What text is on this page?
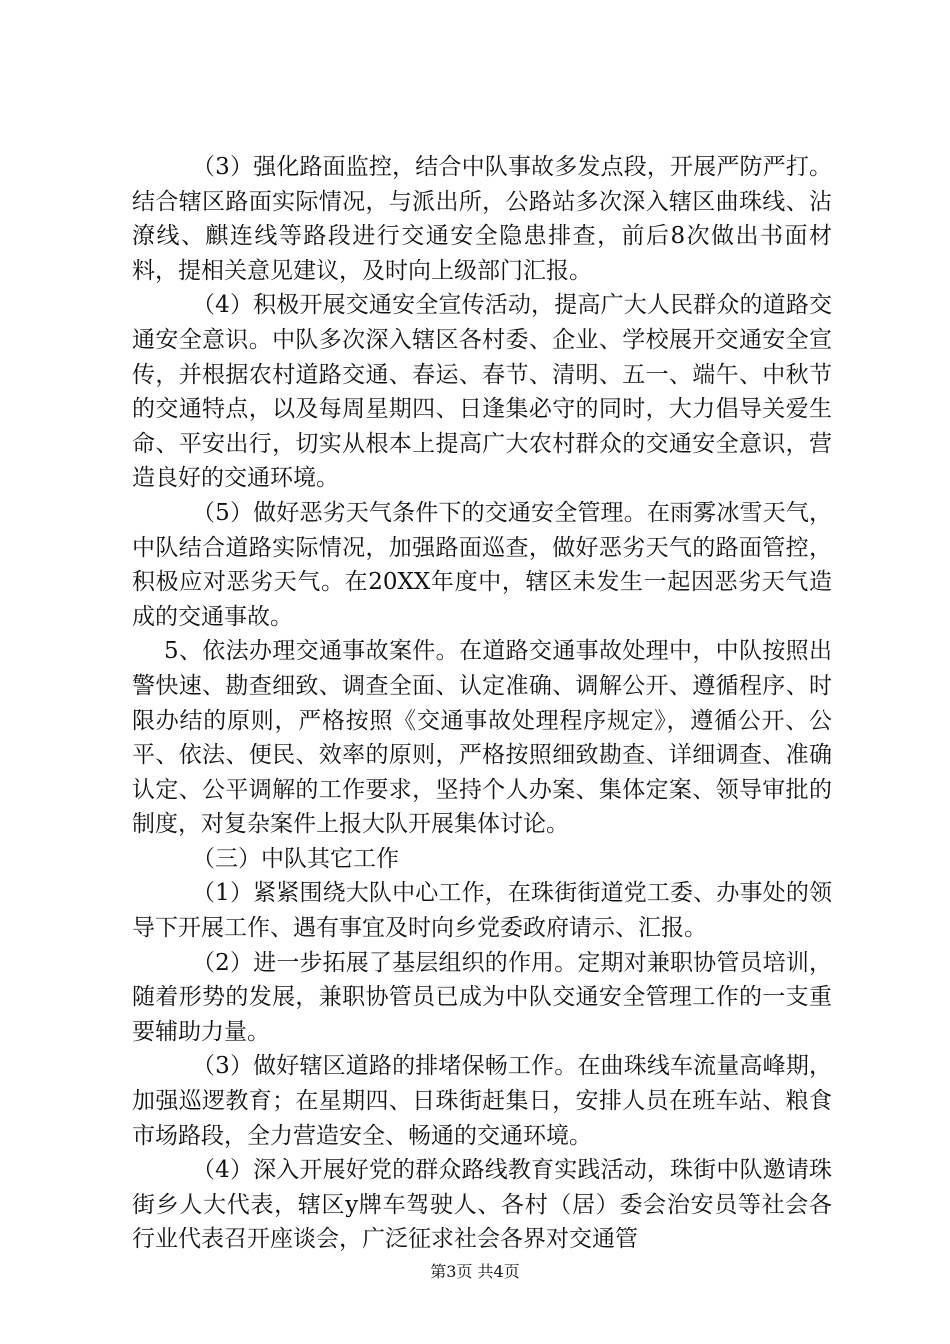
（3）强化路面监控，结合中队事故多发点段，开展严防严打。结合辖区路面实际情况，与派出所，公路站多次深入辖区曲珠线、沾潦线、麒连线等路段进行交通安全隐患排查，前后8次做出书面材料，提相关意见建议，及时向上级部门汇报。

（4）积极开展交通安全宣传活动，提高广大人民群众的道路交通安全意识。中队多次深入辖区各村委、企业、学校展开交通安全宣传，并根据农村道路交通、春运、春节、清明、五一、端午、中秋节的交通特点，以及每周星期四、日逢集必守的同时，大力倡导关爱生命、平安出行，切实从根本上提高广大农村群众的交通安全意识，营造良好的交通环境。

（5）做好恶劣天气条件下的交通安全管理。在雨雾冰雪天气，中队结合道路实际情况，加强路面巡查，做好恶劣天气的路面管控，积极应对恶劣天气。在20XX年度中，辖区未发生一起因恶劣天气造成的交通事故。

5、依法办理交通事故案件。在道路交通事故处理中，中队按照出警快速、勘查细致、调查全面、认定准确、调解公开、遵循程序、时限办结的原则，严格按照《交通事故处理程序规定》，遵循公开、公平、依法、便民、效率的原则，严格按照细致勘查、详细调查、准确认定、公平调解的工作要求，坚持个人办案、集体定案、领导审批的制度，对复杂案件上报大队开展集体讨论。

（三）中队其它工作

（1）紧紧围绕大队中心工作，在珠街街道党工委、办事处的领导下开展工作、遇有事宜及时向乡党委政府请示、汇报。

（2）进一步拓展了基层组织的作用。定期对兼职协管员培训，随着形势的发展，兼职协管员已成为中队交通安全管理工作的一支重要辅助力量。

（3）做好辖区道路的排堵保畅工作。在曲珠线车流量高峰期，加强巡逻教育；在星期四、日珠街赶集日，安排人员在班车站、粮食市场路段，全力营造安全、畅通的交通环境。

（4）深入开展好党的群众路线教育实践活动，珠街中队邀请珠街乡人大代表，辖区y牌车驾驶人、各村（居）委会治安员等社会各行业代表召开座谈会，广泛征求社会各界对交通管

第3页 共4页
